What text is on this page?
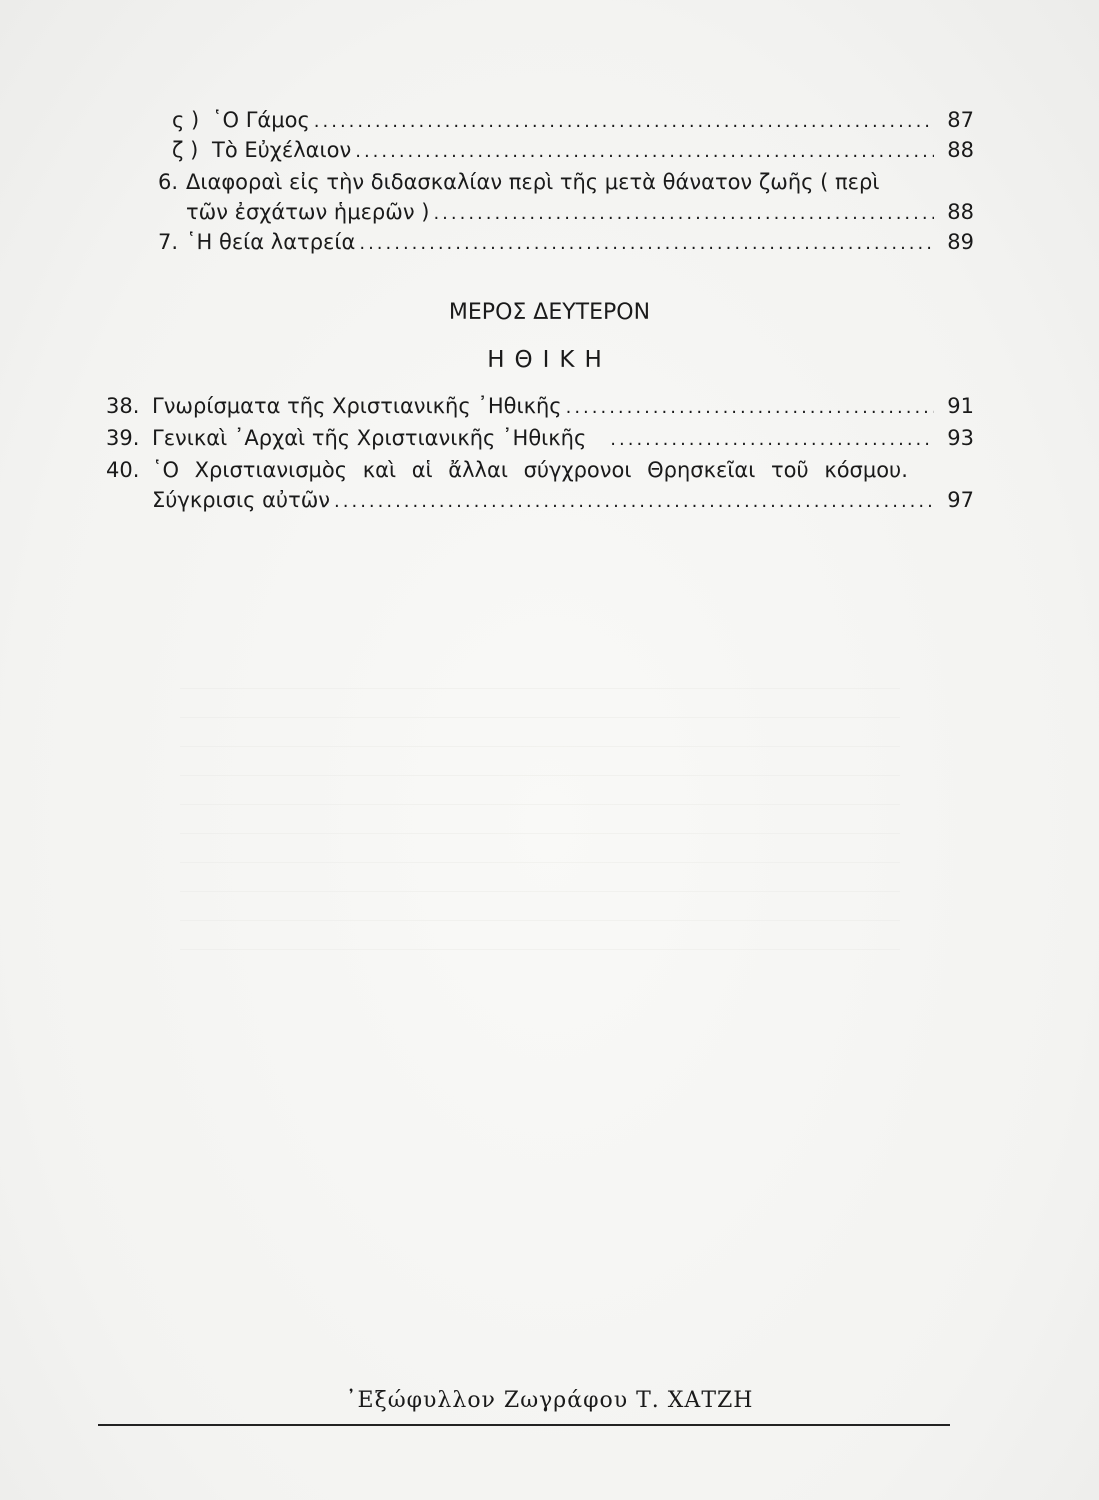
ς ) ῾Ο Γάμος .....	87
ζ ) Τὸ Εὐχέλαιον .....	88
6. Διαφοραὶ εἰς τὴν διδασκαλίαν περὶ τῆς μετὰ θάνατον ζωῆς ( περὶ
τῶν ἐσχάτων ἡμερῶν ) .....	88
7. ῾Η θεία λατρεία .....	89
ΜΕΡΟΣ ΔΕΥΤΕΡΟΝ
ΗΘΙΚΗ
38. Γνωρίσματα τῆς Χριστιανικῆς ᾿Ηθικῆς .....	91
39. Γενικαὶ ᾿Αρχαὶ τῆς Χριστιανικῆς ᾿Ηθικῆς .....	93
40. ῾Ο Χριστιανισμὸς καὶ αἱ ἄλλαι σύγχρονοι Θρησκεῖαι τοῦ κόσμου.
Σύγκρισις αὐτῶν .....	97
᾿Εξώφυλλον Ζωγράφου Τ. ΧΑΤΖΗ
